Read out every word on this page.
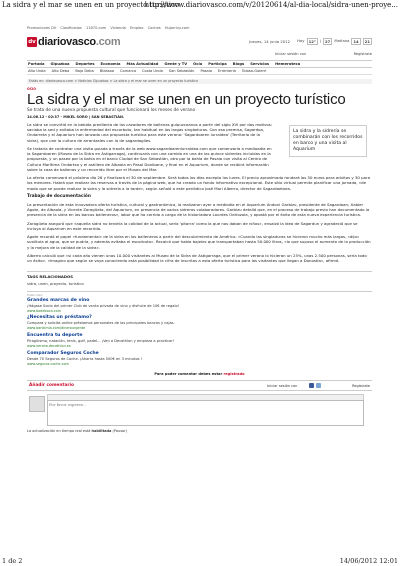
La sidra y el mar se unen en un proyecto turístico
http://www.diariovasco.com/v/20120614/al-dia-local/sidra-unen-proye...
Promociones DV Clasificados 11870.com Vivienda Empleo Coches Hujarrivy.com
dv diariovasco.com	Jueves, 14 junio 2012 Hoy	12°	|	27	Mañana	14	21
Iniciar sesión con	Regístrate
Portada Gipuzkoa Deportes Economía Más Actualidad Gente y TV Ocio Participa Blogs Servicios Hemeroteca
Alto Urola Alto Deba Bajo Deba Bidasoa Comarca Costa Urola San Sebastián Pasaia Errenteria Tolosa-Goierri
Estás en: diariovasco.com > Noticias Gipuzkoa > La sidra y el mar se unen en un proyecto turístico
OCIO
La sidra y el mar se unen en un proyecto turístico
Se trata de una nueva propuesta cultural que funcionará los meses de verano
14.06.12 - 02:37 - MIKEL SORO | SAN SEBASTIÁN.
La sidra y la sidrería se combinarán con los recorridos en barco y una visita al Aquarium

La sidra se convirtió en la bebida predilecta de los cazadores de ballenas guipuzcoanos a partir del siglo XVI por dos motivos: saciaba la sed y evitaba la enfermedad del escorbuto, tan habitual en las largas singladuras. Con esa premisa, Sagardoa, Ondarreta y el Aquarium han lanzado una propuesta turística para este verano: 'Sagardoaren lurraldea' (Territorio de la sidra), que une la cultura de arrantzales con la de sagardogiles.

Se trataría de contratar una visita guiada a través de la web www.sagardoarenlurraldea.com que comenzaría a medioadía en la Sagardoaren (Museo de la Sidra en Astigarraga), continuaría con una comida en una de las quince sidrerías incluidas en la propuesta, y un paseo por la bahía en el barco Ciudad de San Sebastián, otro por la bahía de Pasaia con visita al Centro de Cultura Marítima Ondartxo y el astillero de Albaola en Pasai Donibane, y final en el Aquarium, donde se recibirá información sobre la caza de ballenas y un recorrido libre por el Museo del Mar.

La oferta comenzará el próximo día 26 y finalizará el 30 de septiembre. Será todos los días excepto los lunes. El precio aproximado rondará los 50 euros para adultos y 30 para los menores. Habrá que realizar las reservas a través de la página web, que ha creado un fondo informativo excepcional. Este sitio virtual permite planificar una jornada, «de modo que se puede realizar la sidra y la sidrería a la tarde», según señaló a este periódico José Mari Alberro, director de Sagardoetxea.

Trabajo de documentación

La presentación de esta innovadora oferta turística, cultural y gastronómica, la realizaron ayer a mediodía en el Aquarium Andoni Garbizu, presidente de Sagardoan; Xabier Agote, de Albaola, y Vicente Zaragüeta, del Aquarium, en presencia de varios sidreros colaboradores. Garbizu detalló que, en el proceso de trabajo previo han documentado la presencia de la sidra en los barcos balleneros», labor que ha corrido a cargo de la historiadora Lourdes Odriozola, y apostó por el éxito de esta nueva experiencia turística.

Zaragüeta aseguró que «aquella sidra no tendría la calidad de la actual, sería 'pitarra' como la que nos daban de niños», ensalzó la idea de Sagardun y agradeció que se incluya al Aquarium en este recorrido.

Agote recordó el papel «fundamental» de la sidra en los balleneros a partir del descubrimiento de América. «Cuando las singladuras se hicieron mucho más largas, «dijo» sustituía al agua, que se pudría, y además evitaba el escorbuto». Recalcó que había bajeles que transportaban hasta 50.000 litros, «lo que supuso el aumento de la producción y la mejora de la calidad de la sidra».

Alberro calculó que «si cada año vienen unos 10.000 visitantes al Museo de la Sidra de Astigarraga, que el primer verano lo hicieran un 25%, unas 2.500 personas, sería todo un éxito». «Imagino que según se vaya conociendo esta posibilidad la cifra de inscritos a esta oferta turística para los visitantes que llegan a Donostia», afirmó.

TAGS RELACIONADOS
sidra, unen, proyecto, turístico
Publicidad
Grandes marcas de vino
¡Hágase Socio del primer Club de venta privada de vino y disfrute de 10€ de regalo!
www.bodeboca.com
¿Necesitas un préstamo?
Compara y solicita online préstamos personales de los principales bancos y cajas.
www.bankimia.com/dinerourgente
Encuentra tu deporte
Piragüismo, natación, tenis, golf, padel... ¡Ven a Decathlon y empieza a practicar!
www.verano.decathlon.es
Comparador Seguros Coche
Desde 70 Seguros de Coche. ¡Ahorra hasta 500€ en 3 minutos !
www.seguros.coche.com
Para poder comentar debes estar registrado
Añadir comentario	Iniciar sesión con	Regístrate
Por favor esperee...
La actualización en tiempo real está habilitada (Pausar)
1 de 2	14/06/2012 12:01
